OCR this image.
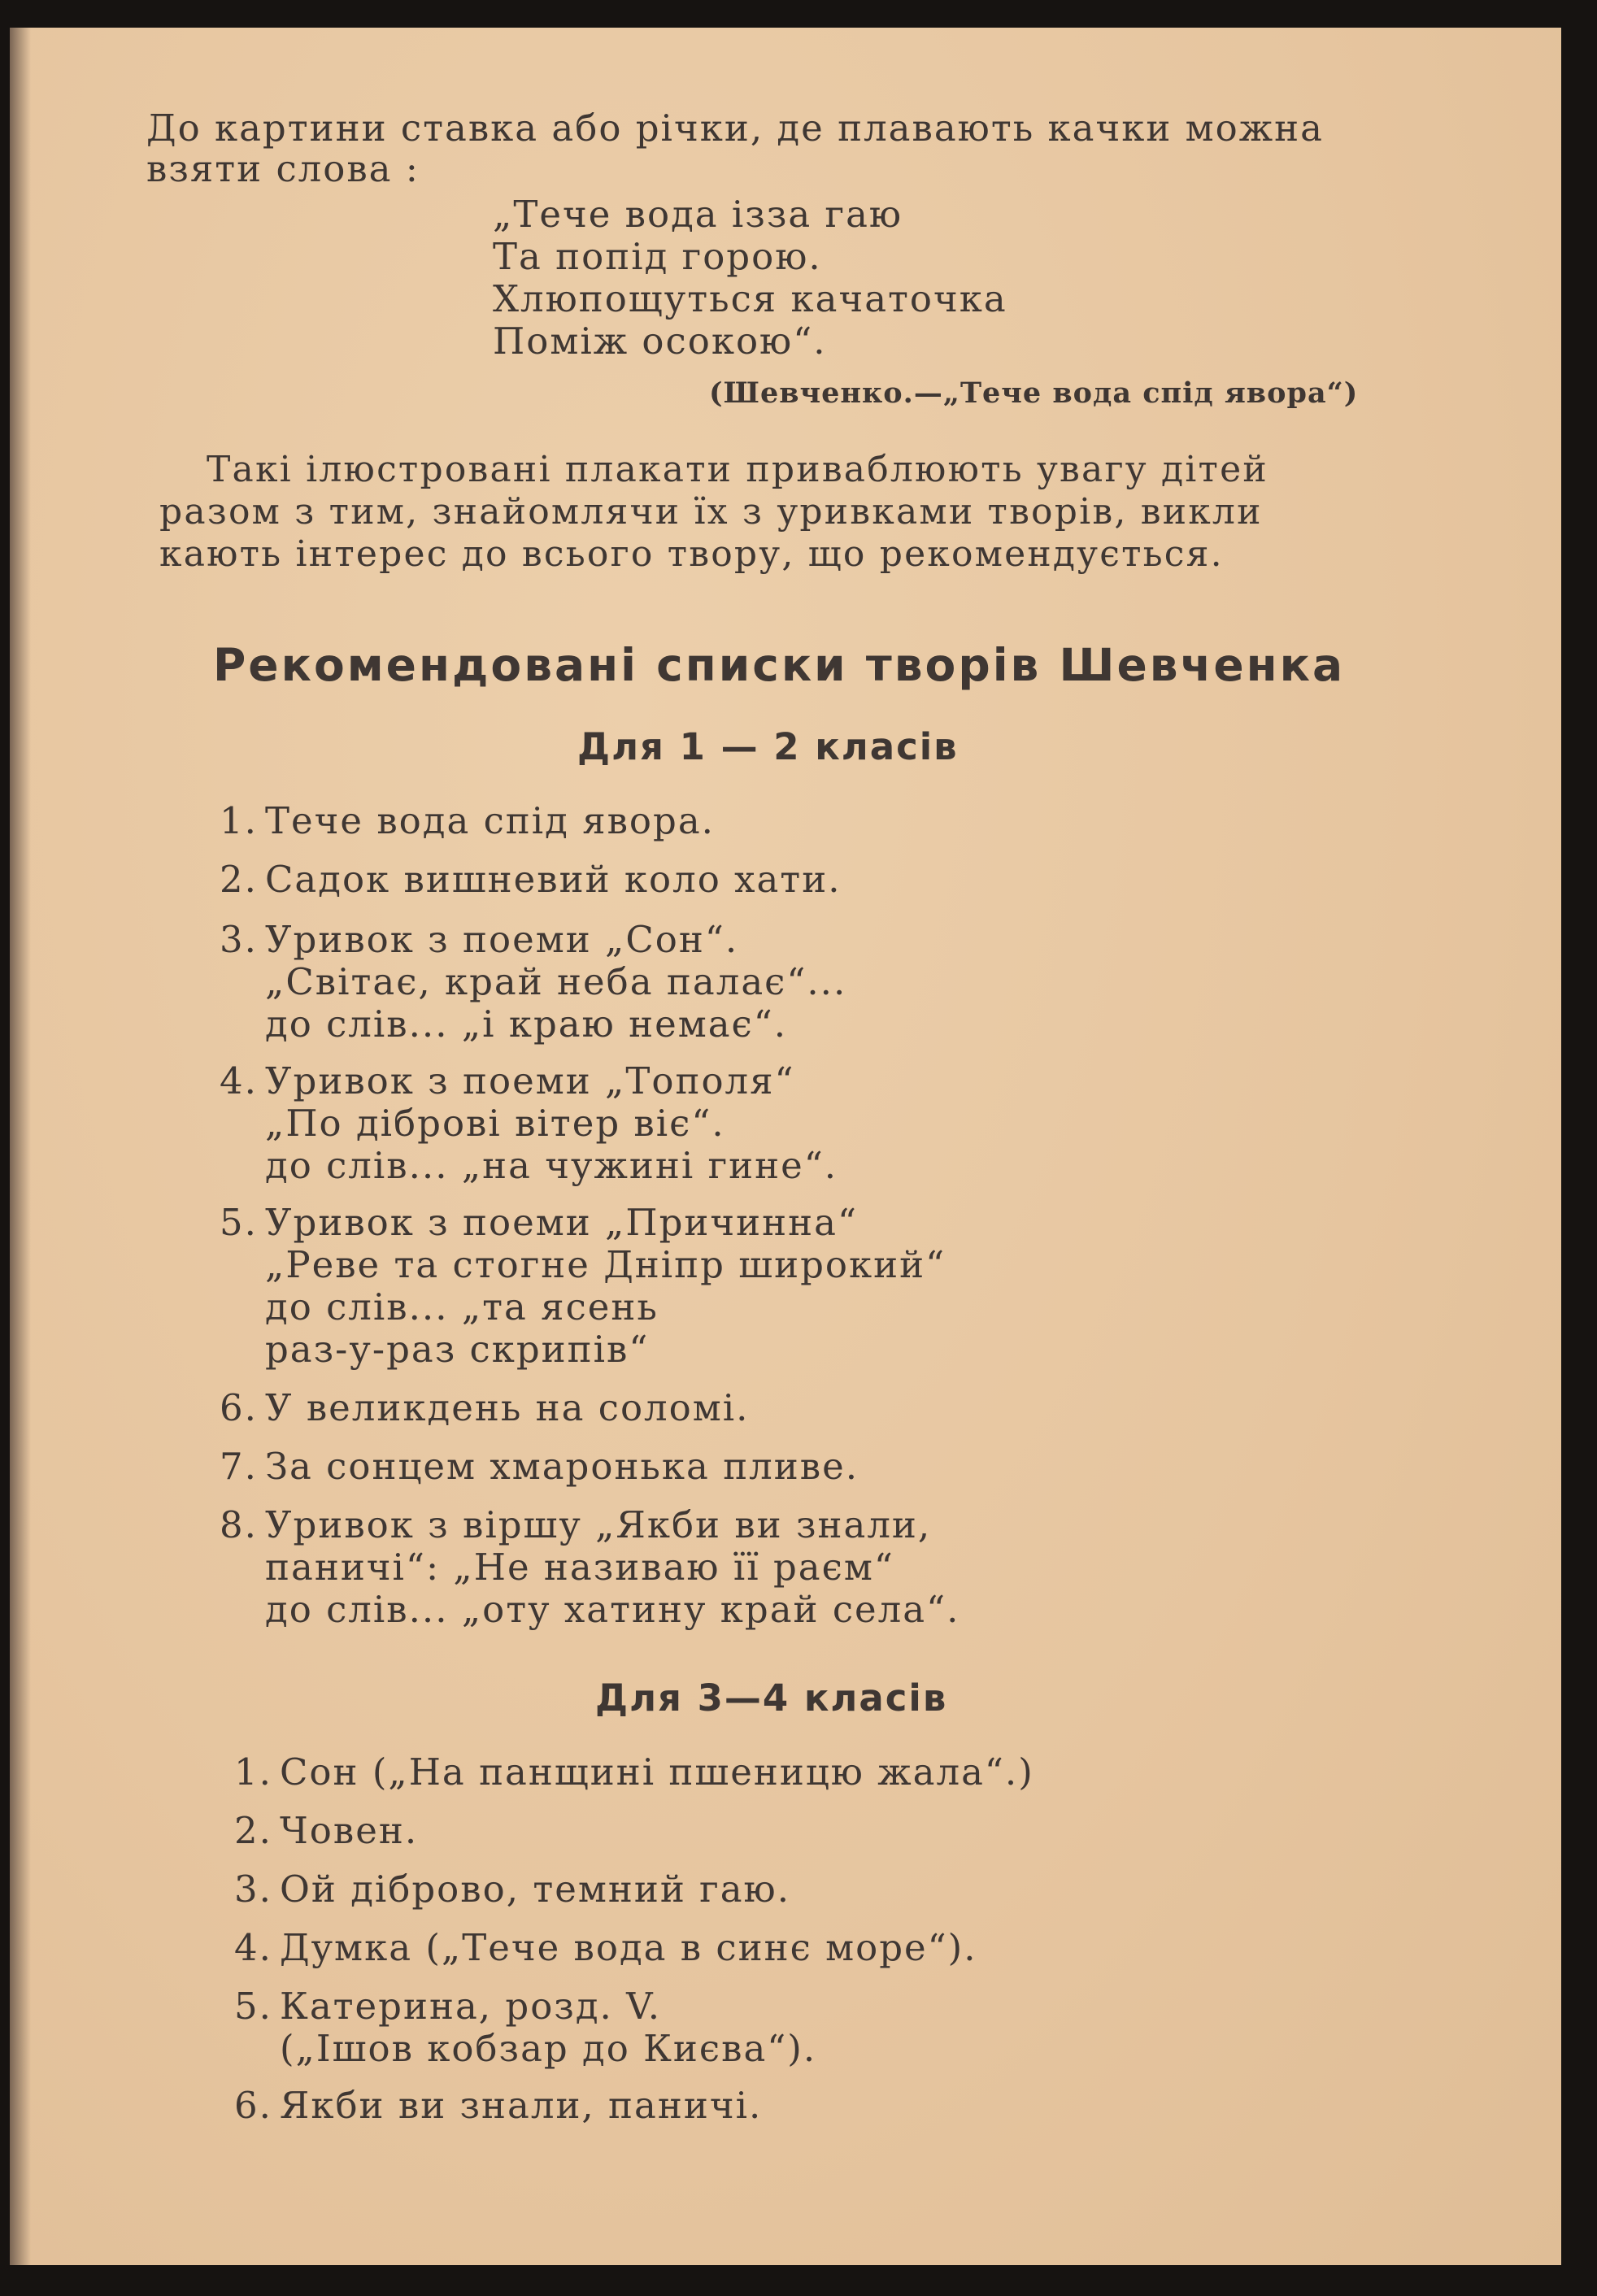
До картини ставка або річки, де плавають качки можна
взяти слова :
„Тече вода ізза гаю
Та попід горою.
Хлюпощуться качаточка
Поміж осокою“.
(Шевченко.—„Тече вода спід явора“)
Такі ілюстровані плакати приваблюють увагу дітей
разом з тим, знайомлячи їх з уривками творів, викли
кають інтерес до всього твору, що рекомендується.
Рекомендовані списки творів Шевченка
Для 1 — 2 класів
1. Тече вода спід явора.
2. Садок вишневий коло хати.
3. Уривок з поеми „Сон“.
„Світає, край неба палає“...
до слів... „і краю немає“.
4. Уривок з поеми „Тополя“
„По діброві вітер віє“.
до слів... „на чужині гине“.
5. Уривок з поеми „Причинна“
„Реве та стогне Дніпр широкий“
до слів... „та ясень
раз-у-раз скрипів“
6. У великдень на соломі.
7. За сонцем хмаронька пливе.
8. Уривок з віршу „Якби ви знали,
паничі“: „Не називаю її раєм“
до слів... „оту хатину край села“.
Для 3—4 класів
1. Сон („На панщині пшеницю жала“.)
2. Човен.
3. Ой діброво, темний гаю.
4. Думка („Тече вода в синє море“).
5. Катерина, розд. V.
(„Ішов кобзар до Києва“).
6. Якби ви знали, паничі.
